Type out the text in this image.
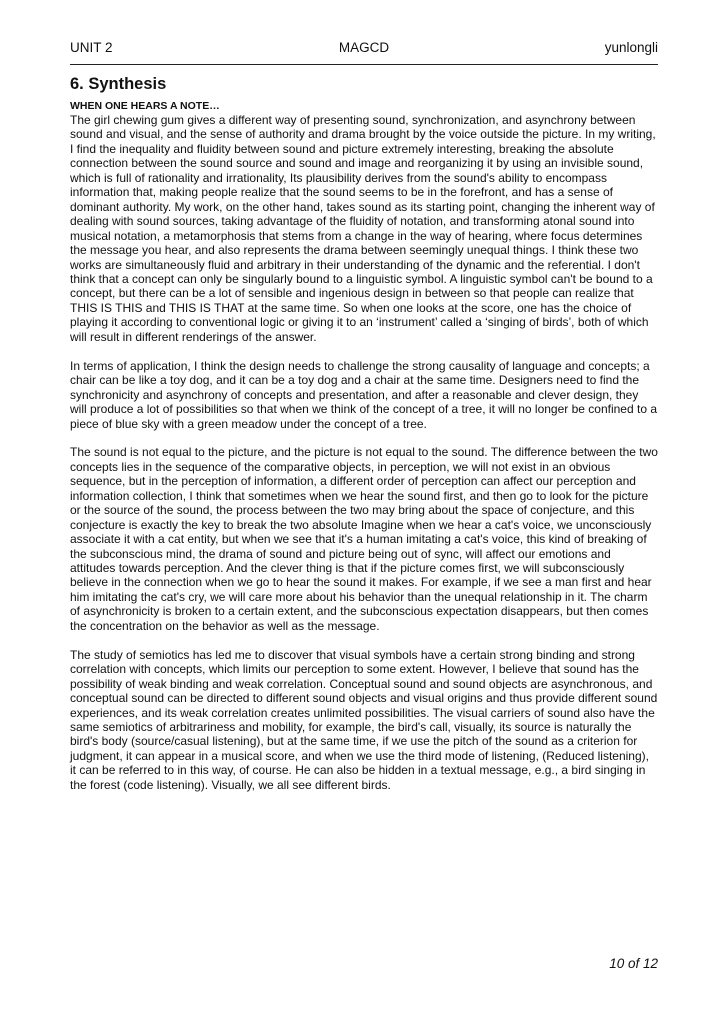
UNIT 2	MAGCD	yunlongli
6. Synthesis

WHEN ONE HEARS A NOTE…

The girl chewing gum gives a different way of presenting sound, synchronization, and asynchrony between sound and visual, and the sense of authority and drama brought by the voice outside the picture. In my writing, I find the inequality and fluidity between sound and picture extremely interesting, breaking the absolute connection between the sound source and sound and image and reorganizing it by using an invisible sound, which is full of rationality and irrationality, Its plausibility derives from the sound's ability to encompass information that, making people realize that the sound seems to be in the forefront, and has a sense of dominant authority. My work, on the other hand, takes sound as its starting point, changing the inherent way of dealing with sound sources, taking advantage of the fluidity of notation, and transforming atonal sound into musical notation, a metamorphosis that stems from a change in the way of hearing, where focus determines the message you hear, and also represents the drama between seemingly unequal things. I think these two works are simultaneously fluid and arbitrary in their understanding of the dynamic and the referential. I don't think that a concept can only be singularly bound to a linguistic symbol. A linguistic symbol can't be bound to a concept, but there can be a lot of sensible and ingenious design in between so that people can realize that THIS IS THIS and THIS IS THAT at the same time. So when one looks at the score, one has the choice of playing it according to conventional logic or giving it to an ‘instrument’ called a ‘singing of birds’, both of which will result in different renderings of the answer.

In terms of application, I think the design needs to challenge the strong causality of language and concepts; a chair can be like a toy dog, and it can be a toy dog and a chair at the same time. Designers need to find the synchronicity and asynchrony of concepts and presentation, and after a reasonable and clever design, they will produce a lot of possibilities so that when we think of the concept of a tree, it will no longer be confined to a piece of blue sky with a green meadow under the concept of a tree.

The sound is not equal to the picture, and the picture is not equal to the sound. The difference between the two concepts lies in the sequence of the comparative objects, in perception, we will not exist in an obvious sequence, but in the perception of information, a different order of perception can affect our perception and information collection, I think that sometimes when we hear the sound first, and then go to look for the picture or the source of the sound, the process between the two may bring about the space of conjecture, and this conjecture is exactly the key to break the two absolute Imagine when we hear a cat's voice, we unconsciously associate it with a cat entity, but when we see that it's a human imitating a cat's voice, this kind of breaking of the subconscious mind, the drama of sound and picture being out of sync, will affect our emotions and attitudes towards perception. And the clever thing is that if the picture comes first, we will subconsciously believe in the connection when we go to hear the sound it makes. For example, if we see a man first and hear him imitating the cat's cry, we will care more about his behavior than the unequal relationship in it. The charm of asynchronicity is broken to a certain extent, and the subconscious expectation disappears, but then comes the concentration on the behavior as well as the message.

The study of semiotics has led me to discover that visual symbols have a certain strong binding and strong correlation with concepts, which limits our perception to some extent. However, I believe that sound has the possibility of weak binding and weak correlation. Conceptual sound and sound objects are asynchronous, and conceptual sound can be directed to different sound objects and visual origins and thus provide different sound experiences, and its weak correlation creates unlimited possibilities. The visual carriers of sound also have the same semiotics of arbitrariness and mobility, for example, the bird's call, visually, its source is naturally the bird's body (source/casual listening), but at the same time, if we use the pitch of the sound as a criterion for judgment, it can appear in a musical score, and when we use the third mode of listening, (Reduced listening), it can be referred to in this way, of course. He can also be hidden in a textual message, e.g., a bird singing in the forest (code listening). Visually, we all see different birds.

10 of 12
